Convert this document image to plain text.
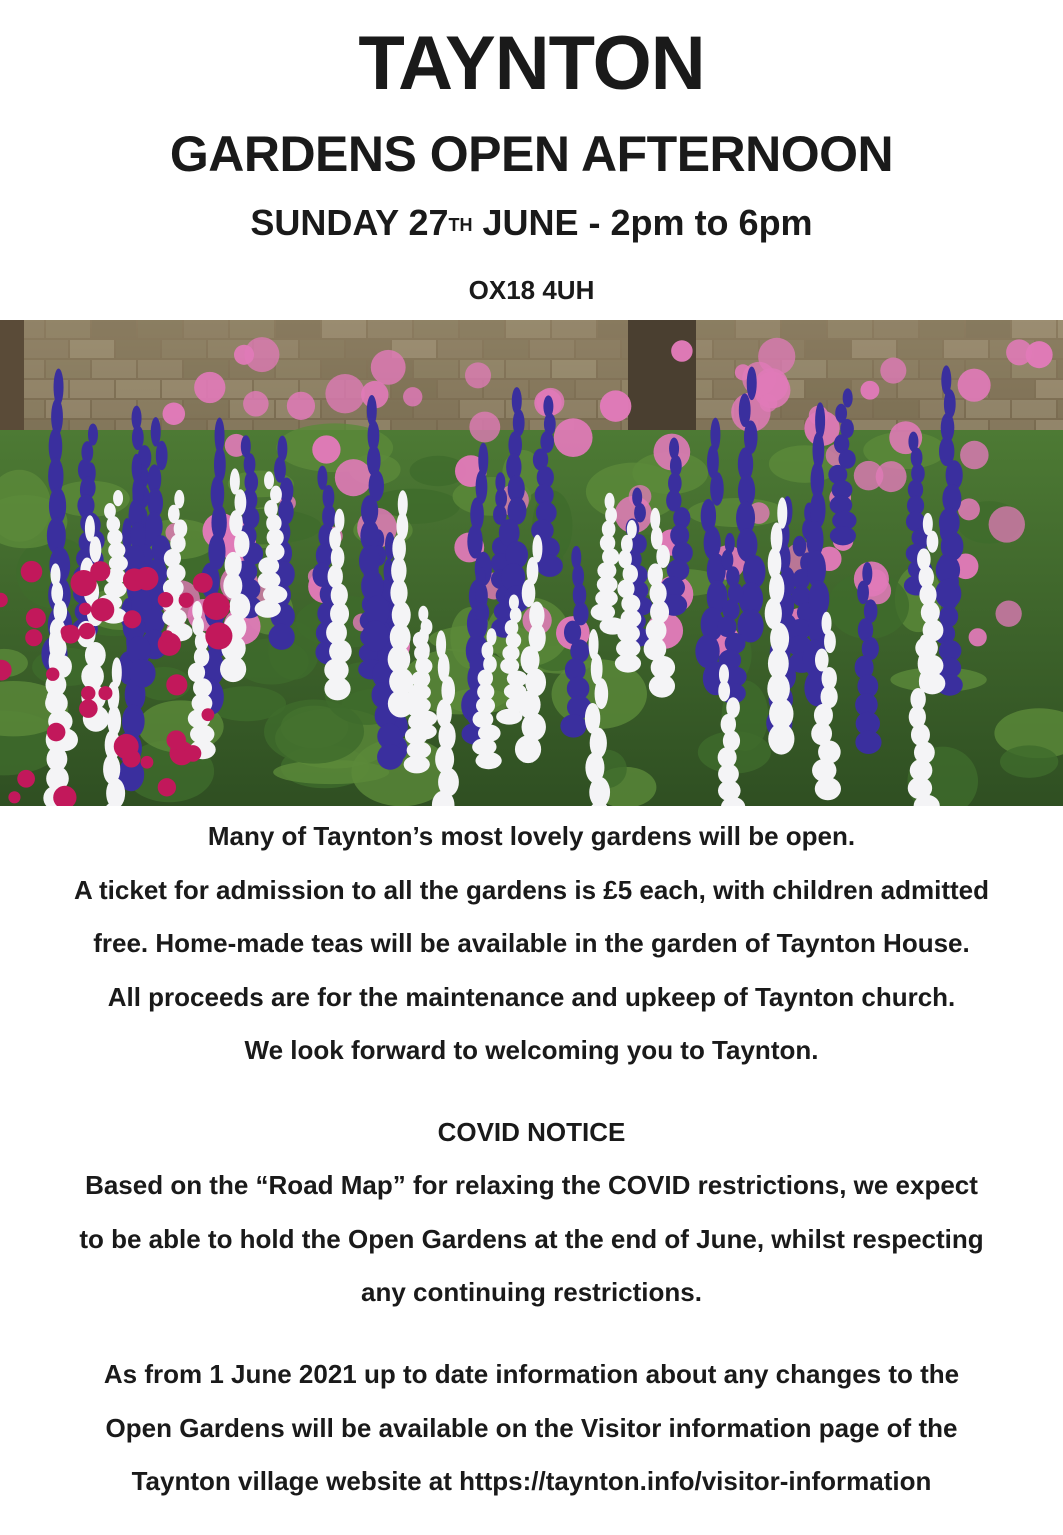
TAYNTON
GARDENS OPEN AFTERNOON
SUNDAY 27TH JUNE - 2pm to 6pm
OX18 4UH
Many of Taynton’s most lovely gardens will be open.
A ticket for admission to all the gardens is £5 each, with children admitted
free. Home-made teas will be available in the garden of Taynton House.
All proceeds are for the maintenance and upkeep of Taynton church.
We look forward to welcoming you to Taynton.
COVID NOTICE
Based on the “Road Map” for relaxing the COVID restrictions, we expect
to be able to hold the Open Gardens at the end of June, whilst respecting
any continuing restrictions.
As from 1 June 2021 up to date information about any changes to the
Open Gardens will be available on the Visitor information page of the
Taynton village website at https://taynton.info/visitor-information
